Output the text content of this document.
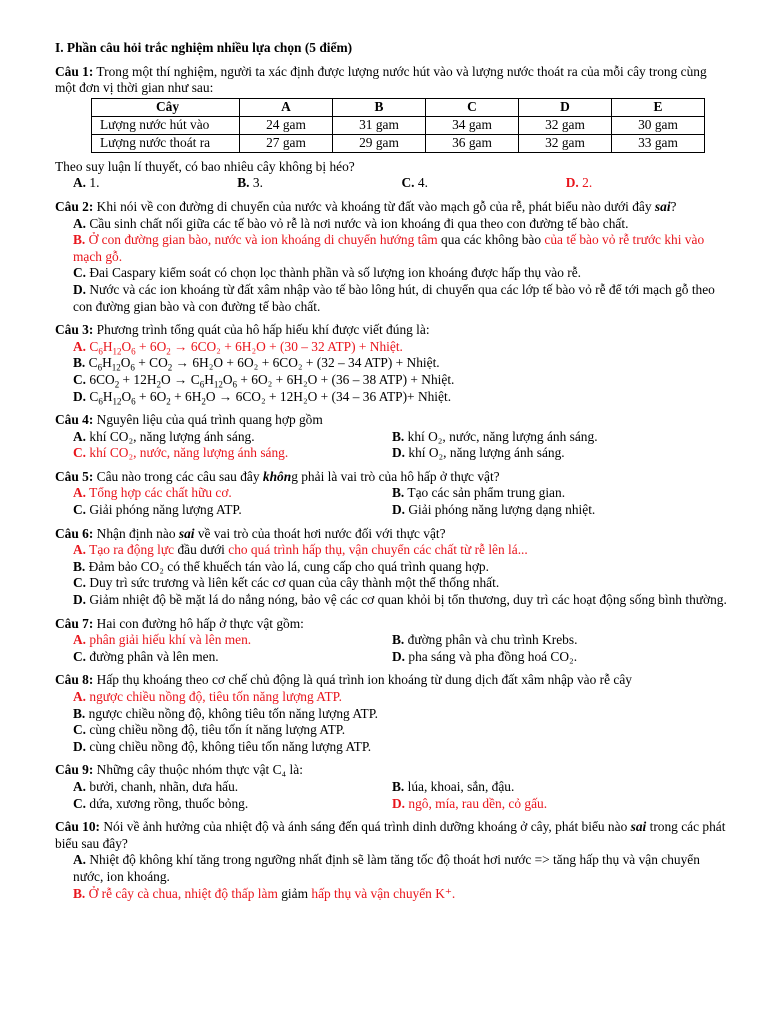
I. Phần câu hỏi trắc nghiệm nhiều lựa chọn (5 điểm)

Câu 1: Trong một thí nghiệm, người ta xác định được lượng nước hút vào và lượng nước thoát ra của mỗi cây trong cùng một đơn vị thời gian như sau:

Cây	A	B	C	D	E
Lượng nước hút vào	24 gam	31 gam	34 gam	32 gam	30 gam
Lượng nước thoát ra	27 gam	29 gam	36 gam	32 gam	33 gam

Theo suy luận lí thuyết, có bao nhiêu cây không bị héo?

A. 1.	B. 3.	C. 4.	D. 2.

Câu 2: Khi nói về con đường di chuyển của nước và khoáng từ đất vào mạch gỗ của rễ, phát biểu nào dưới đây sai?

A. Cầu sinh chất nối giữa các tế bào vỏ rễ là nơi nước và ion khoáng đi qua theo con đường tế bào chất.

B. Ở con đường gian bào, nước và ion khoáng di chuyển hướng tâm qua các không bào của tế bào vỏ rễ trước khi vào mạch gỗ.

C. Đai Caspary kiểm soát có chọn lọc thành phần và số lượng ion khoáng được hấp thụ vào rễ.

D. Nước và các ion khoáng từ đất xâm nhập vào tế bào lông hút, di chuyển qua các lớp tế bào vỏ rễ để tới mạch gỗ theo con đường gian bào và con đường tế bào chất.

Câu 3: Phương trình tổng quát của hô hấp hiếu khí được viết đúng là:

A. $C_6H_{12}O_6 + 6O_2 \to 6CO_2 + 6H_2O + (30 - 32$ ATP) + Nhiệt.

B. $C_6H_{12}O_6 + CO_2 \to 6H_2O + 6O_2 + 6CO_2 + (32 - 34$ ATP) + Nhiệt.

C. $6CO_2 + 12H_2O \to C_6H_{12}O_6 + 6O_2 + 6H_2O + (36 - 38$ ATP) + Nhiệt.

D. $C_6H_{12}O_6 + 6O_2 + 6H_2O \to 6CO_2 + 12H_2O + (34 - 36$ ATP)+ Nhiệt.

Câu 4: Nguyên liệu của quá trình quang hợp gồm

A. khí CO₂, năng lượng ánh sáng.	B. khí O₂, nước, năng lượng ánh sáng.
C. khí CO₂, nước, năng lượng ánh sáng.	D. khí O₂, năng lượng ánh sáng.

Câu 5: Câu nào trong các câu sau đây không phải là vai trò của hô hấp ở thực vật?

A. Tổng hợp các chất hữu cơ.	B. Tạo các sản phẩm trung gian.
C. Giải phóng năng lượng ATP.	D. Giải phóng năng lượng dạng nhiệt.

Câu 6: Nhận định nào sai về vai trò của thoát hơi nước đối với thực vật?

A. Tạo ra động lực đầu dưới cho quá trình hấp thụ, vận chuyển các chất từ rễ lên lá...

B. Đảm bảo CO₂ có thể khuếch tán vào lá, cung cấp cho quá trình quang hợp.

C. Duy trì sức trương và liên kết các cơ quan của cây thành một thể thống nhất.

D. Giảm nhiệt độ bề mặt lá do nắng nóng, bảo vệ các cơ quan khỏi bị tổn thương, duy trì các hoạt động sống bình thường.

Câu 7: Hai con đường hô hấp ở thực vật gồm:

A. phân giải hiếu khí và lên men.	B. đường phân và chu trình Krebs.
C. đường phân và lên men.	D. pha sáng và pha đồng hoá CO₂.

Câu 8: Hấp thụ khoáng theo cơ chế chủ động là quá trình ion khoáng từ dung dịch đất xâm nhập vào rễ cây

A. ngược chiều nồng độ, tiêu tốn năng lượng ATP.

B. ngược chiều nồng độ, không tiêu tốn năng lượng ATP.

C. cùng chiều nồng độ, tiêu tốn ít năng lượng ATP.

D. cùng chiều nồng độ, không tiêu tốn năng lượng ATP.

Câu 9: Những cây thuộc nhóm thực vật C₄ là:

A. bưởi, chanh, nhãn, dưa hấu.	B. lúa, khoai, sắn, đậu.
C. dứa, xương rồng, thuốc bỏng.	D. ngô, mía, rau dền, cỏ gấu.

Câu 10: Nói về ảnh hưởng của nhiệt độ và ánh sáng đến quá trình dinh dưỡng khoáng ở cây, phát biểu nào sai trong các phát biểu sau đây?

A. Nhiệt độ không khí tăng trong ngưỡng nhất định sẽ làm tăng tốc độ thoát hơi nước => tăng hấp thụ và vận chuyển nước, ion khoáng.

B. Ở rễ cây cà chua, nhiệt độ thấp làm giảm hấp thụ và vận chuyển K⁺.
